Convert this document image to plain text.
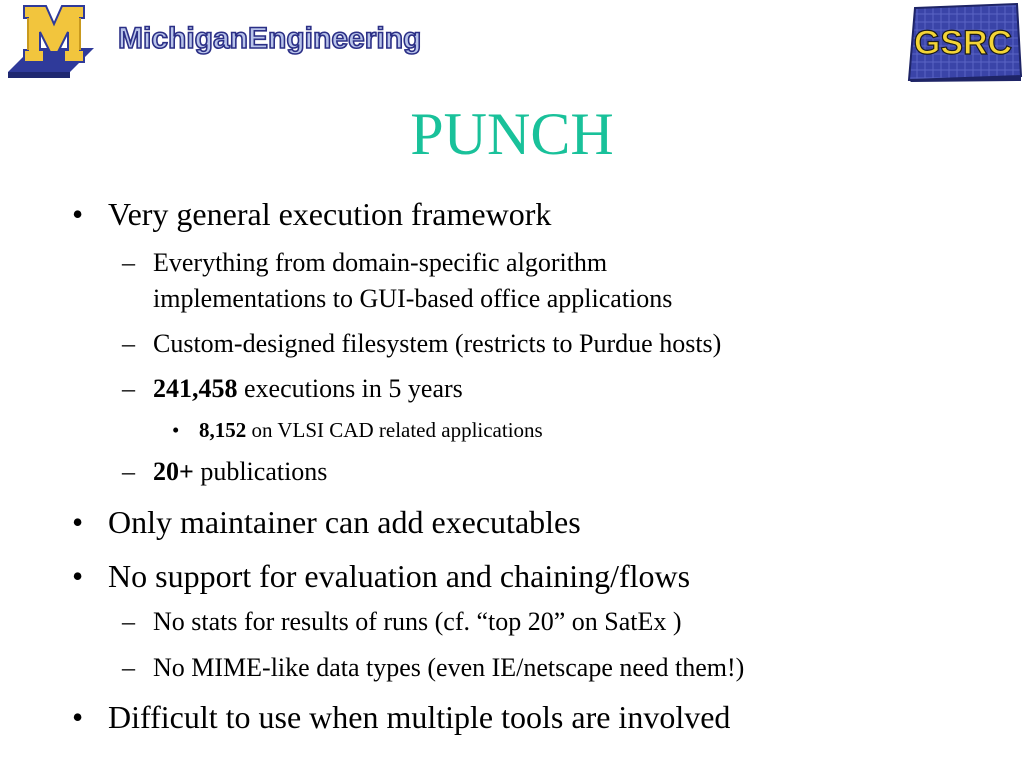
MichiganEngineering	GSRC
PUNCH
• Very general execution framework
– Everything from domain-specific algorithm
implementations to GUI-based office applications
– Custom-designed filesystem (restricts to Purdue hosts)
– 241,458 executions in 5 years
• 8,152 on VLSI CAD related applications
– 20+ publications
• Only maintainer can add executables
• No support for evaluation and chaining/flows
– No stats for results of runs (cf. “top 20” on SatEx )
– No MIME-like data types (even IE/netscape need them!)
• Difficult to use when multiple tools are involved
